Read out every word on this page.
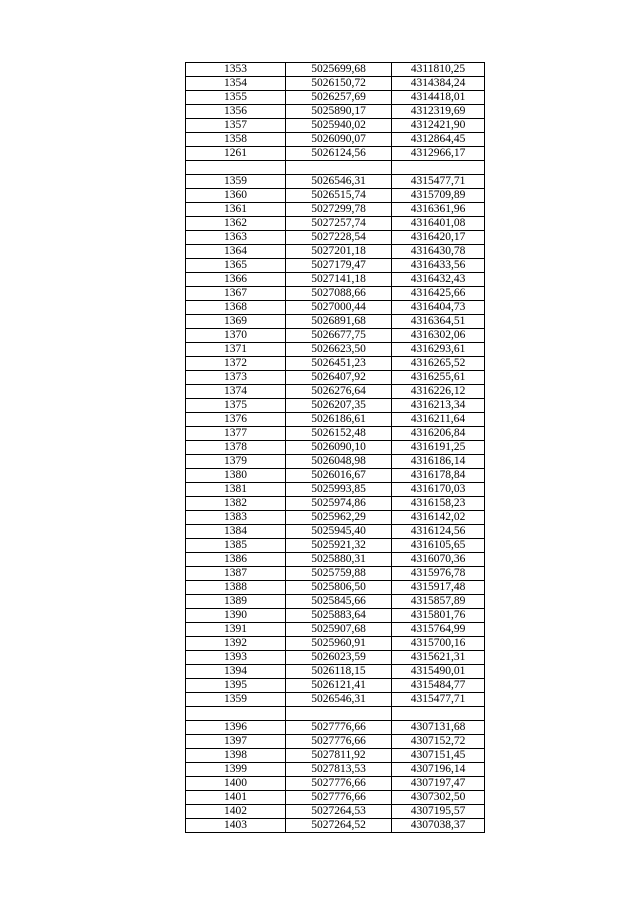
1353	5025699,68	4311810,25
1354	5026150,72	4314384,24
1355	5026257,69	4314418,01
1356	5025890,17	4312319,69
1357	5025940,02	4312421,90
1358	5026090,07	4312864,45
1261	5026124,56	4312966,17

1359	5026546,31	4315477,71
1360	5026515,74	4315709,89
1361	5027299,78	4316361,96
1362	5027257,74	4316401,08
1363	5027228,54	4316420,17
1364	5027201,18	4316430,78
1365	5027179,47	4316433,56
1366	5027141,18	4316432,43
1367	5027088,66	4316425,66
1368	5027000,44	4316404,73
1369	5026891,68	4316364,51
1370	5026677,75	4316302,06
1371	5026623,50	4316293,61
1372	5026451,23	4316265,52
1373	5026407,92	4316255,61
1374	5026276,64	4316226,12
1375	5026207,35	4316213,34
1376	5026186,61	4316211,64
1377	5026152,48	4316206,84
1378	5026090,10	4316191,25
1379	5026048,98	4316186,14
1380	5026016,67	4316178,84
1381	5025993,85	4316170,03
1382	5025974,86	4316158,23
1383	5025962,29	4316142,02
1384	5025945,40	4316124,56
1385	5025921,32	4316105,65
1386	5025880,31	4316070,36
1387	5025759,88	4315976,78
1388	5025806,50	4315917,48
1389	5025845,66	4315857,89
1390	5025883,64	4315801,76
1391	5025907,68	4315764,99
1392	5025960,91	4315700,16
1393	5026023,59	4315621,31
1394	5026118,15	4315490,01
1395	5026121,41	4315484,77
1359	5026546,31	4315477,71

1396	5027776,66	4307131,68
1397	5027776,66	4307152,72
1398	5027811,92	4307151,45
1399	5027813,53	4307196,14
1400	5027776,66	4307197,47
1401	5027776,66	4307302,50
1402	5027264,53	4307195,57
1403	5027264,52	4307038,37
